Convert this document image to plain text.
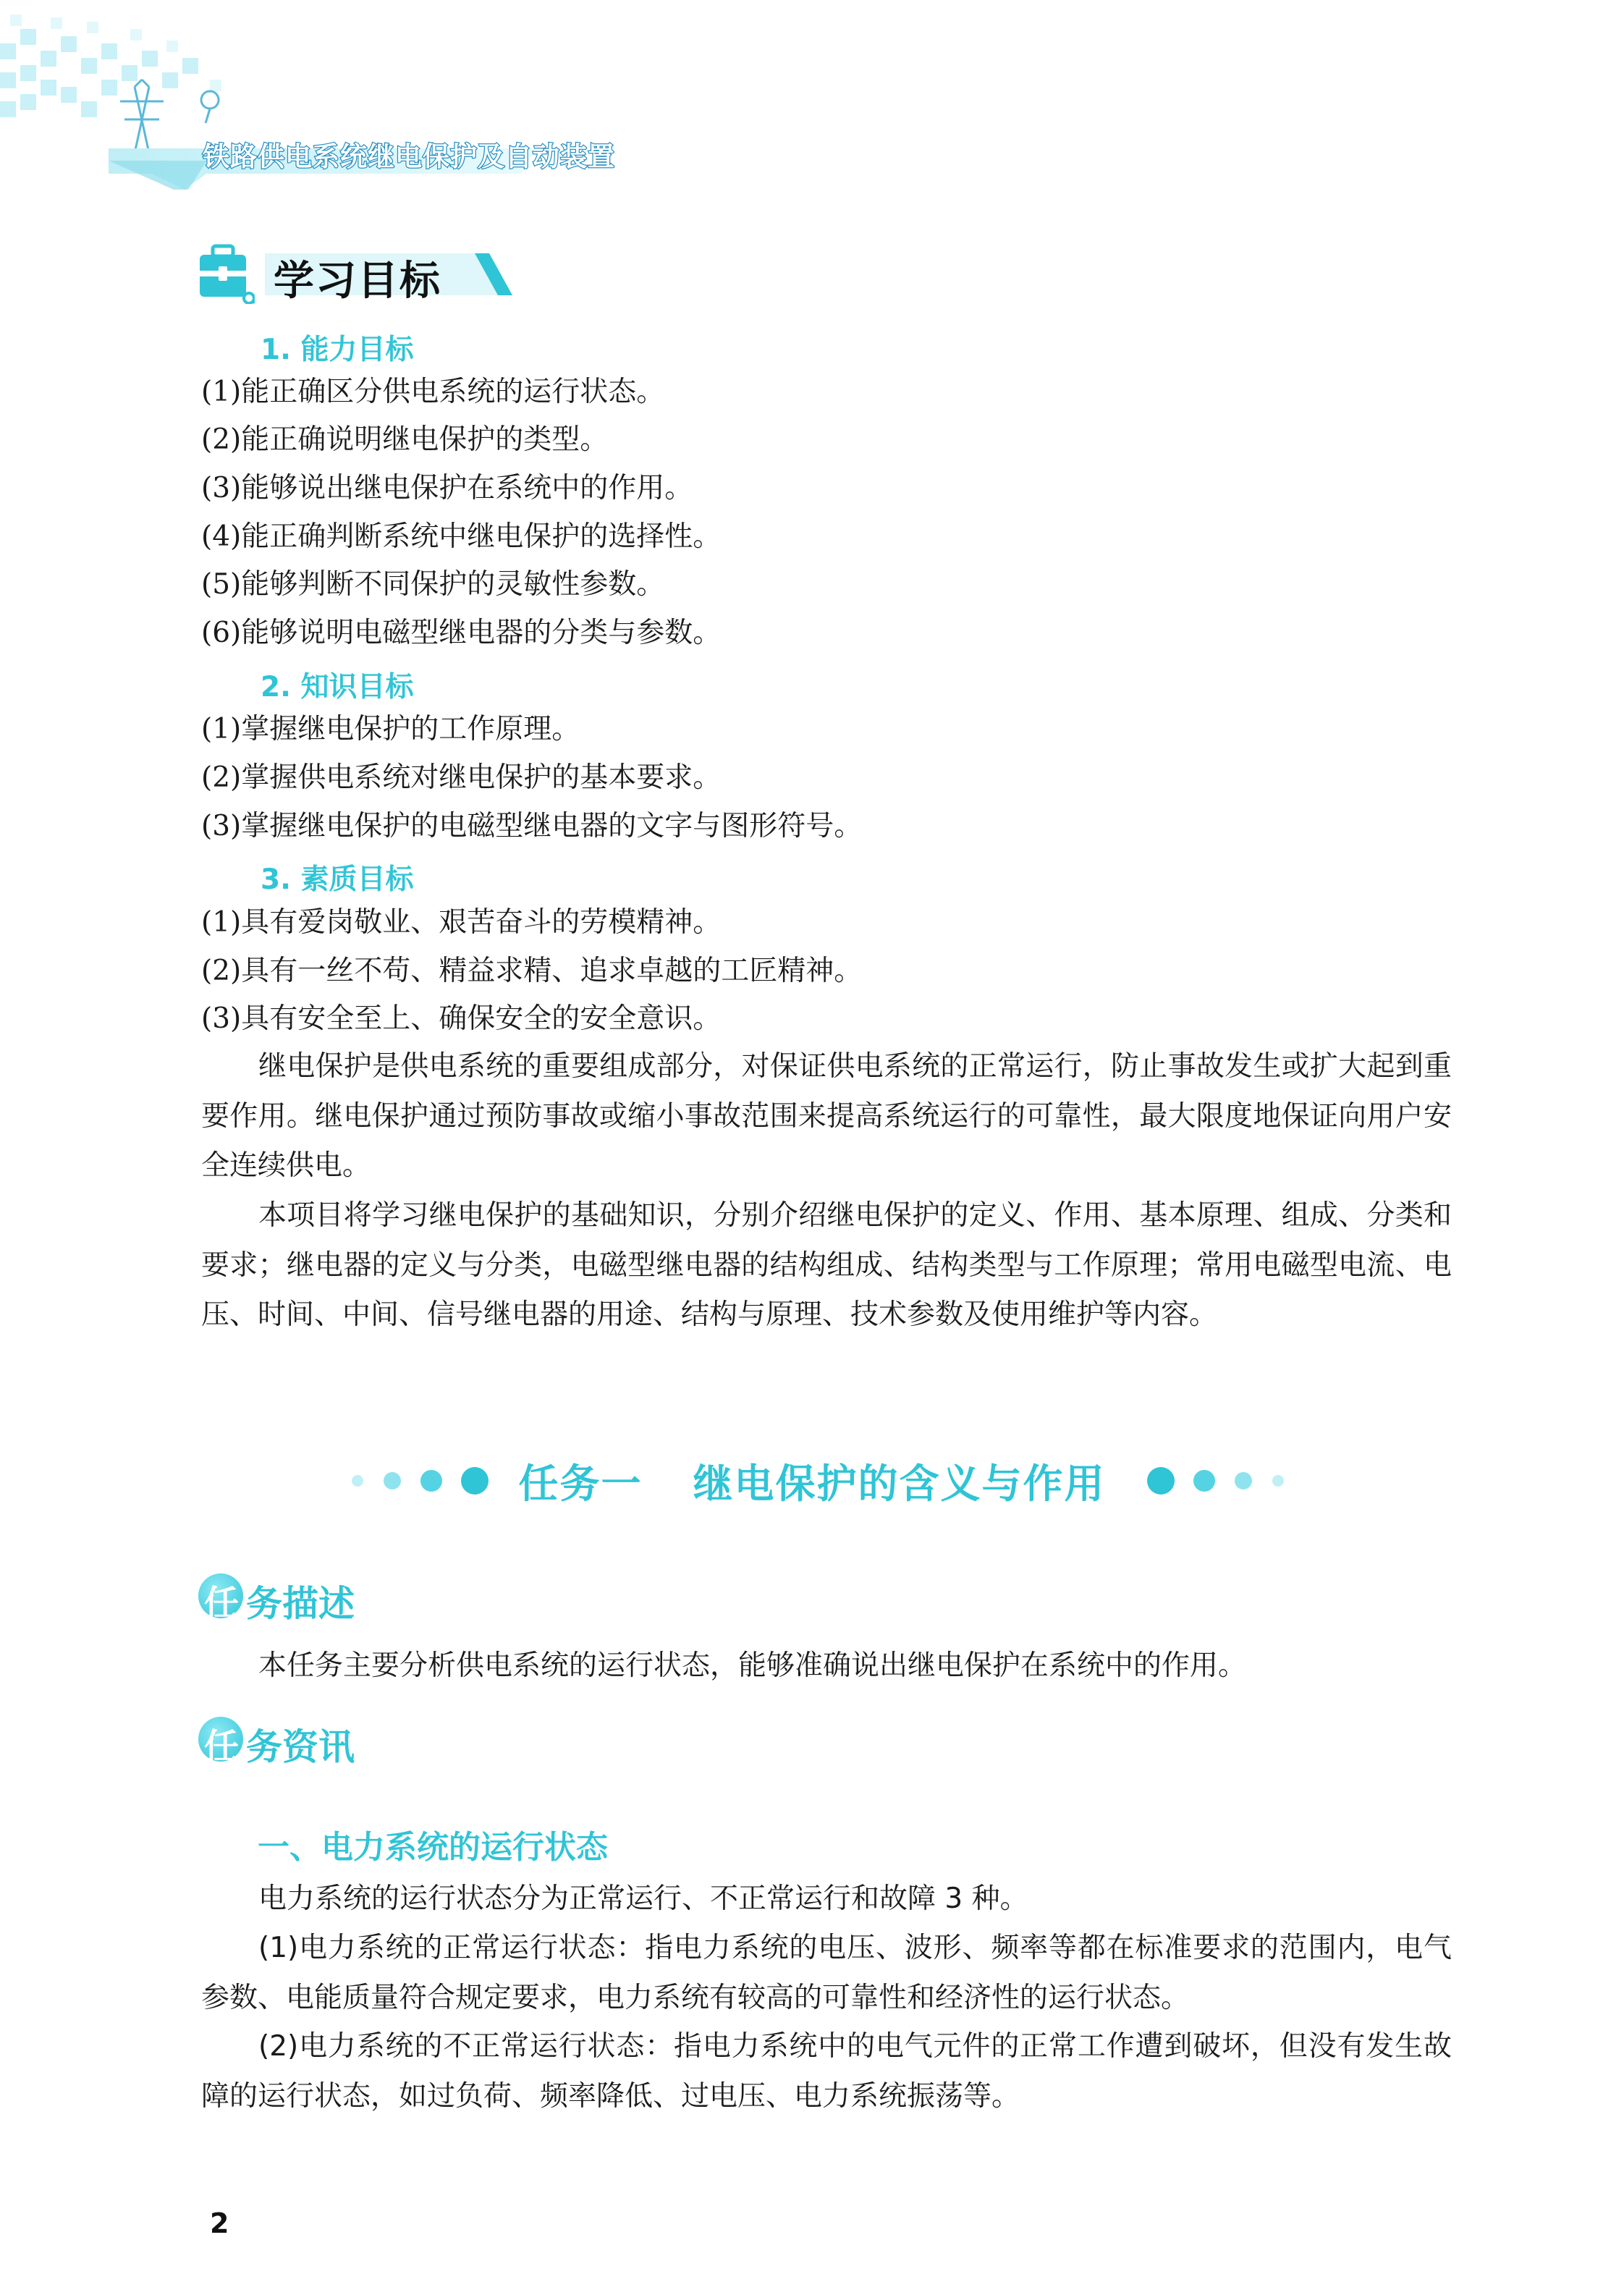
铁路供电系统继电保护及自动装置
学习目标
1. 能力目标
(1)能正确区分供电系统的运行状态。
(2)能正确说明继电保护的类型。
(3)能够说出继电保护在系统中的作用。
(4)能正确判断系统中继电保护的选择性。
(5)能够判断不同保护的灵敏性参数。
(6)能够说明电磁型继电器的分类与参数。
2. 知识目标
(1)掌握继电保护的工作原理。
(2)掌握供电系统对继电保护的基本要求。
(3)掌握继电保护的电磁型继电器的文字与图形符号。
3. 素质目标
(1)具有爱岗敬业、艰苦奋斗的劳模精神。
(2)具有一丝不苟、精益求精、追求卓越的工匠精神。
(3)具有安全至上、确保安全的安全意识。
继电保护是供电系统的重要组成部分，对保证供电系统的正常运行，防止事故发生或扩大起到重要作用。继电保护通过预防事故或缩小事故范围来提高系统运行的可靠性，最大限度地保证向用户安全连续供电。
本项目将学习继电保护的基础知识，分别介绍继电保护的定义、作用、基本原理、组成、分类和要求；继电器的定义与分类，电磁型继电器的结构组成、结构类型与工作原理；常用电磁型电流、电压、时间、中间、信号继电器的用途、结构与原理、技术参数及使用维护等内容。
任务一 继电保护的含义与作用
任 务描述
本任务主要分析供电系统的运行状态，能够准确说出继电保护在系统中的作用。
任 务资讯
一、电力系统的运行状态
电力系统的运行状态分为正常运行、不正常运行和故障 3 种。
(1)电力系统的正常运行状态：指电力系统的电压、波形、频率等都在标准要求的范围内，电气参数、电能质量符合规定要求，电力系统有较高的可靠性和经济性的运行状态。
(2)电力系统的不正常运行状态：指电力系统中的电气元件的正常工作遭到破坏，但没有发生故障的运行状态，如过负荷、频率降低、过电压、电力系统振荡等。
2
